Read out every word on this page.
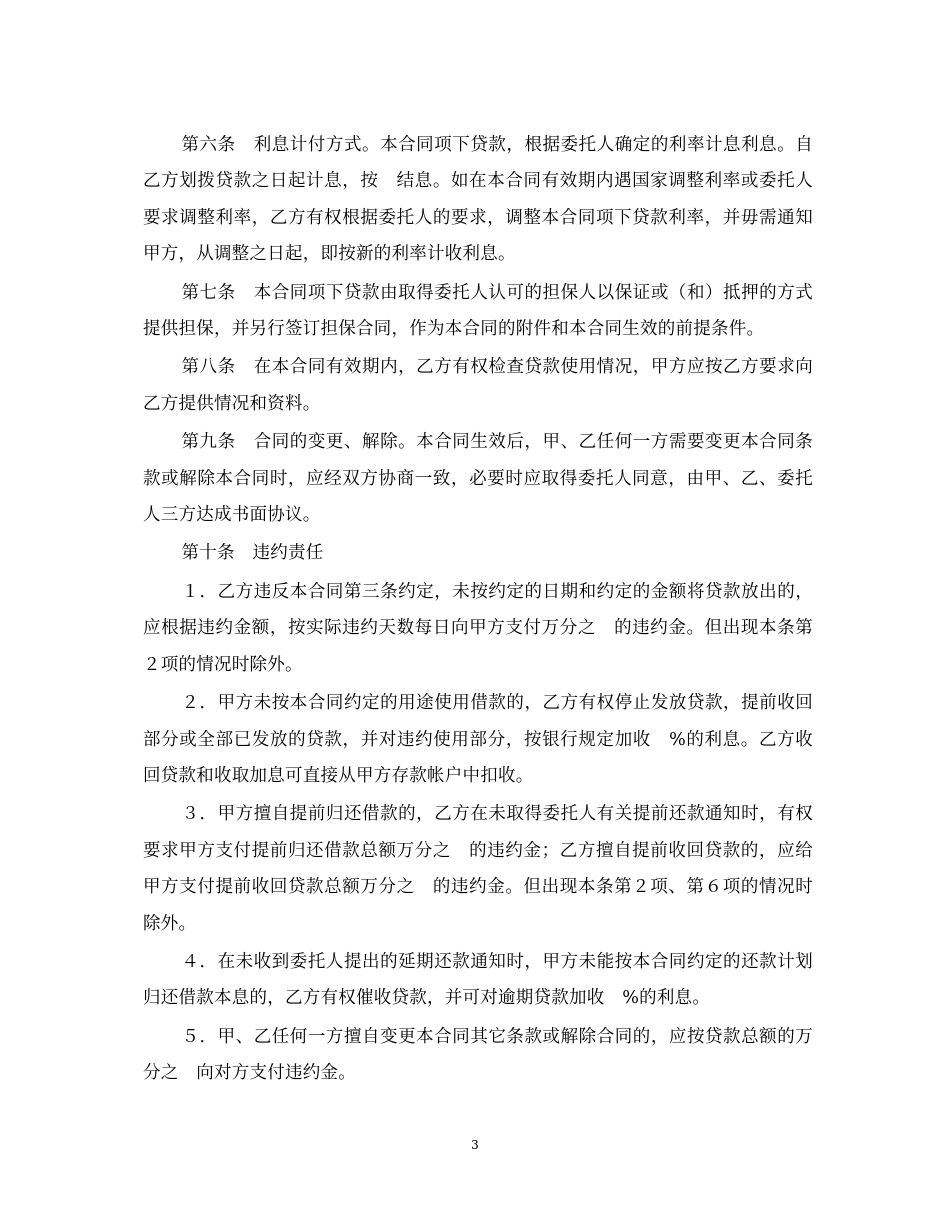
第六条　利息计付方式。本合同项下贷款，根据委托人确定的利率计息利息。自乙方划拨贷款之日起计息，按　结息。如在本合同有效期内遇国家调整利率或委托人要求调整利率，乙方有权根据委托人的要求，调整本合同项下贷款利率，并毋需通知甲方，从调整之日起，即按新的利率计收利息。

第七条　本合同项下贷款由取得委托人认可的担保人以保证或（和）抵押的方式提供担保，并另行签订担保合同，作为本合同的附件和本合同生效的前提条件。

第八条　在本合同有效期内，乙方有权检查贷款使用情况，甲方应按乙方要求向乙方提供情况和资料。

第九条　合同的变更、解除。本合同生效后，甲、乙任何一方需要变更本合同条款或解除本合同时，应经双方协商一致，必要时应取得委托人同意，由甲、乙、委托人三方达成书面协议。

第十条　违约责任

１．乙方违反本合同第三条约定，未按约定的日期和约定的金额将贷款放出的，应根据违约金额，按实际违约天数每日向甲方支付万分之　的违约金。但出现本条第２项的情况时除外。

２．甲方未按本合同约定的用途使用借款的，乙方有权停止发放贷款，提前收回部分或全部已发放的贷款，并对违约使用部分，按银行规定加收　%的利息。乙方收回贷款和收取加息可直接从甲方存款帐户中扣收。

３．甲方擅自提前归还借款的，乙方在未取得委托人有关提前还款通知时，有权要求甲方支付提前归还借款总额万分之　的违约金；乙方擅自提前收回贷款的，应给甲方支付提前收回贷款总额万分之　的违约金。但出现本条第２项、第６项的情况时除外。

４．在未收到委托人提出的延期还款通知时，甲方未能按本合同约定的还款计划归还借款本息的，乙方有权催收贷款，并可对逾期贷款加收　%的利息。

５．甲、乙任何一方擅自变更本合同其它条款或解除合同的，应按贷款总额的万分之　向对方支付违约金。

3
